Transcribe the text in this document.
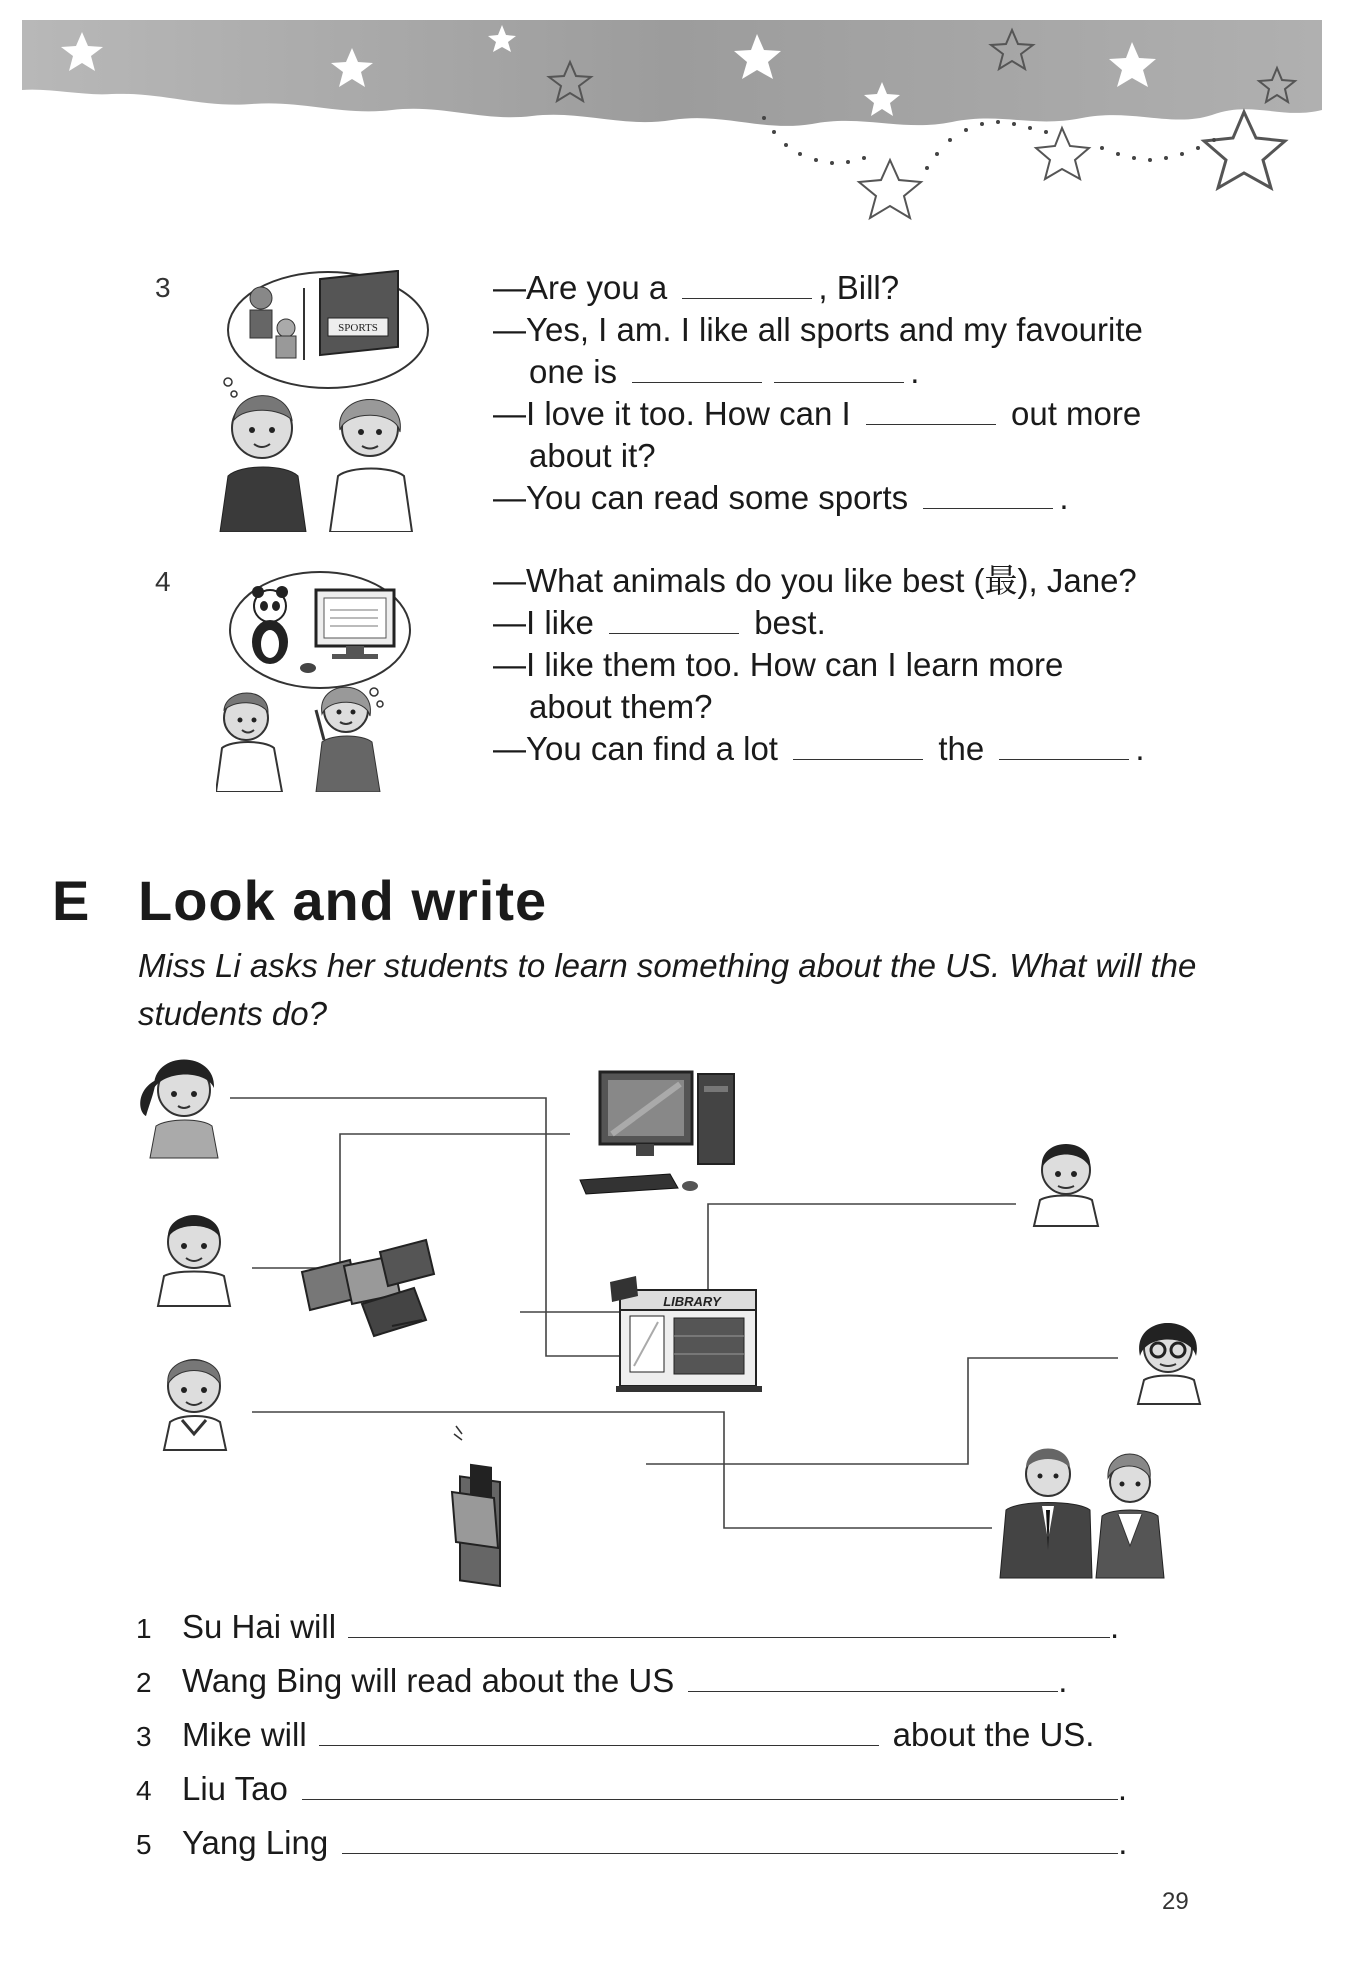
3
SPORTS
—Are you a	, Bill?
—Yes, I am. I like all sports and my favourite
one is	.
—I love it too. How can I	out more
about it?
—You can read some sports	.
4	—What animals do you like best (最), Jane?
—I like	best.
—I like them too. How can I learn more
about them?
—You can find a lot	the	.
E Look and write
Miss Li asks her students to learn something about the US. What will the students do?
LIBRARY
1 Su Hai will	.
2 Wang Bing will read about the US	.
3 Mike will	about the US.
4 Liu Tao	.
5 Yang Ling	.
29
